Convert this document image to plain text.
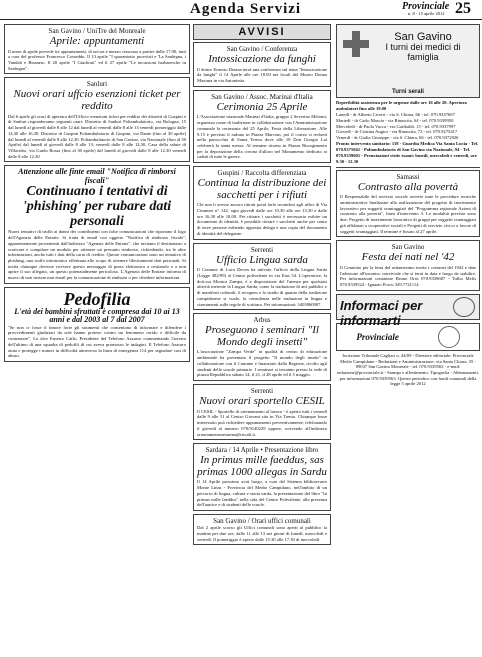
Agenda Servizi	Provinciale
n. 8 - 15 aprile 2012 25
San Gavino / UniTre del Monreale
Aprile: appuntamenti
Il mese di aprile prevede tre appuntamenti, di un'ora e mezzo ciascuno a partire dalle 17.00, tutti a cura del professor Francesco Cosseddu. Il 13 aprile "I quarantotto provvisti e 'La Sardegna, i Vandali e Bisanzio. Il 20 aprile "I Giudicati" ed il 27 aprile "Le incursioni barbaresche in Sardegna".
Sanluri
Nuovi orari uffcio esenzioni ticket per reddito
Dal 6 aprile gli orari di apertura dell'Ufficio esenzioni ticket per reddito dei distretti di Guspini e di Sanluri risponderanno seguenti orari: Distretto di Sanluri Poliambulatorio, via Bologna, 15 dal lunedì al giovedì dalle 8 alle 12 dal lunedì al venerdì dalle 8 alle 13 venerdì pomeriggio dalle 14,30 alle 16,30. Distretto di Guspini Poliambulatorio di Guspini, via Dante (fino al 30 aprile) dal lunedì al venerdì dalle 8 alle 12,30. Poliambulatorio di San Gavino, via Nazionale (fino al 30 Aprile) dal lunedì al giovedì dalle 8 alle 13; venerdì dalle 8 alle 12,30. Casa della salute di Villacidro, via Guido Rossa (fino al 30 aprile) dal lunedì al giovedì dalle 8 alle 12,30 venerdì dalle 8 alle 12,30
Attenzione alle finte email "Notifica di rimborsi fiscali"
Continuano i tentativi di 'phishing' per rubare dati personali
Nuovi tentativi di truffa ai danni dei contribuenti con false comunicazioni che riportano il logo dell'Agenzia delle Entrate. Si tratta di email con oggetto "Notifica di rimborso fiscale", apparentemente provenienti dall'indirizzo "Agenzia delle Entrate", che invitano il destinatario a scaricare e compilare un modulo per ottenere un presunto rimborso, richiedendo, tra le altre informazioni, anche tutti i dati della carta di credito. Queste comunicazioni sono un tentativo di phishing, una truffa informatica effettuata allo scopo di ottenere illecitamente dati personali. Si invita chiunque dovesse ricevere questo messaggio di posta elettronica a cestinarlo e a non aprire il suo allegato, un questo potenzialmente pericoloso. L'Agenzia delle Entrate informa di nuovo di non inviare mai email per la comunicazione di rimborsi o per chiedere informazioni.
Pedofilia
L'età dei bambini sfruttati è compresa dai 10 ai 13 anni e dal 2003 al 7 dal 2007
"Se non ci fosse il timore forte gli strumenti che consentono di informare e difendere i provvedimenti giudiziari da sole hanno proteso contro un fenomeno orrido e difficile da contrastare". Lo dice Ernesto Caffo, Presidente del Telefono Azzurro commentando l'arresto dell'ultimo di una squadra di pedofili di cui aveva promosso le indagini. Il Telefono Azzurro aiuta e protegge i minori in difficoltà attraverso la linea di emergenza 114 per segnalare casi di abuso.
AVVISI
San Gavino / Conferenza
Intossicazione da funghi
Il dottor Ernesto Deiana terrà una conferenza sul tema "Intossicazione da funghi" il 14 Aprile alle ore 18.00 nei locali del Museo Donna Maxima in via Antonietta.
San Gavino / Assoc. Marinai d'Italia
Cerimonia 25 Aprile
L'Associazione nazionale Marinai d'Italia, gruppo 2 Severino Melomi, organizza come di tradizione in collaborazione con l'Amministrazione comunale la cerimonia del 25 Aprile, Festa della Liberazione. Alle 9.15 è previsto il raduno in Piazza Marconi, poi il corteo si recherà nella parrocchia di Santa Teresa dove alle 10 Don Giorgio Lai celebrerà la santa messa. Al termine ritorno in Piazza Risorgimento per la deposizione della corona d'alloro nel Monumento dedicato ai caduti di tutte le guerre.
Guspini / Raccolta differenziata
Continua la distribuzione dei sacchetti per i rifiuti
Chi non li avesse ancora ritirati potrà farlo recandosi agli uffici di Via Cimmeri n° 142, ogni giovedì dalle ore 10,30 alle ore 13,30 e dalle ore 16,30 alle 18,00. Per ritirare i sacchetti è necessario esibire un documento di identità, è possibile ritirare i sacchetti anche per conto di terze persone esibendo apposita delega e una copia del documento di identità del delegante.
Serrenti
Ufficio Lingua sarda
Il Comune di Luca Decen ha attivato l'ufficio della Lingua Sarda (Legge 482/99) al Centro polivalente in via Eias 54. L'operatrice, la dott.ssa Monica Zampa, è a disposizione del l'utenza per qualsiasi attività inerente la Lingua Sarda, come la traduzione di atti pubblici e di manifesti culturali, il recupero e lo studio di quanto della tradizione campidanese si vuole, la consulenza nelle traduzioni in lingua e ciaeramenti sulle regole di scrittura. Per informazioni: 3403960907.
Arbus
Proseguono i seminari "Il Mondo degli insetti"
L'associazione "Zampa Verde" in qualità di centro di educazione ambientale ha presentato il progetto "Il mondo degli insetti" in collaborazione con il Comune e finanziato dalla Regione, rivolto agli studenti delle scuole primarie. I seminari si terranno presso la sede di piazza Repubblica sabato 14, il 21, il 28 aprile ed il 5 maggio.
Serrenti
Nuovi orari sportello CESIL
Il CESIL - Sportello di orientamento al lavoro - è aperto tutti i venerdì dalle 9 alle 11 al Centro Giovani sito in Via Trento. Chiunque fosse interessato può richiedere appuntamenti preventivamente, telefonando il giovedì al numero 070/9140229 oppure, scrivendo all'indirizzo orientamentoemarina@tiscali.it.
Sardara / 14 Aprile • Presentazione libro
In primus mille faeddus, sas primas 1000 allegas in Sardu
Il 14 Aprile prossimo avrà luogo, a cura del Sistema bibliotecario Monte Linas - Provincia del Medio Campidano, nell'ambito di un percorso di lingua, cultura e storia sarda, la presentazione del libro "In primus mille faeddus" nella sala del Centro Polivalente, alla presenza dell'autrice e di studenti delle scuole.
San Gavino / Orari uffici comunali
Dal 2 aprile scorso gli Uffici comunali sono aperti al pubblico la mattina per due ore, dalle 11 alle 13 nei giorni di lunedì, mercoledì e venerdì. Il pomeriggio è aperto dalle 15.30 alle 17.30 di mercoledì.
San Gavino
I turni dei medici di famiglia
Turni serali
Reperibilità assistenza per le urgenze dalle ore 16 alle 20. Apertura ambulatori fino alle 19.00
Lunedì - dr Alberto Cicerri - via S. Chiara, 66 - tel. 070.9337607
Martedì - dr Carlo Mascia - via Rinascita, 64 - tel. 070.9339950
Mercoledì - dr Paola Vacca - via Garibaldi, 15 - tel. 070.9337997
Giovedì - dr Cristina Angioi - via Rinascita, 73 - tel. 070.9275417
Venerdì - dr Giulia Giuseppe - via S. Chiara, 66 - tel. 070.9372926
Pronto intervento sanitario: 118 - Guardia Medica Via Santa Lucia - Tel. 070.9375041 - Poliambulatorio di San Gavino via Nazionale, 94 - Tel. 070.9339601 - Prenotazioni visite esami: lunedì, mercoledì e venerdì, ore 9.30 - 12.30
Samassi
Contrasto alla povertà
Il Responsabile del servizio sociale avverte tutte le procedure tecniche amministrative finalizzate alla realizzazione del progetto di inserimento lavorativo per soggetti svantaggiati del "Programma regionale Azioni di contrasto alla povertà", linea d'intervento 3. Le modalità previste sono due: Progetto di inserimento lavorativo di gruppi per soggetti svantaggiati già affidatari a cooperative sociali e Progetti di servizio civico a favore di soggetti svantaggiati. Il termine è fissato al 27 aprile.
San Gavino
Festa dei nati nel '42
Il Comitato per la festa del settantesimo invita i coetanei del 1942 e date l'adesione all'incontro conviviale che si terrà in data e luogo da stabilire. Per informazioni contattare Bruno Orrù 070.9339687 - Tullio Melis 070.9339524 - Ignazio Porcu 349.7721114.
Informaci per informarti
Provinciale
Iscrizione Tribunale Cagliari n. 44/09 - Direttore editoriale: Provinciale Medio Campidano - Redazione e Amministrazione: via Santa Chiara, 35 - 09037 San Gavino Monreale - tel. 070.9339563 - e-mail: redazione@provinciale.it - Stampa e allestimento: Tipografia - Abbonamenti: per informazioni 070.9339563. Questo periodico con fondi comunali della legge 5 aprile 2012
